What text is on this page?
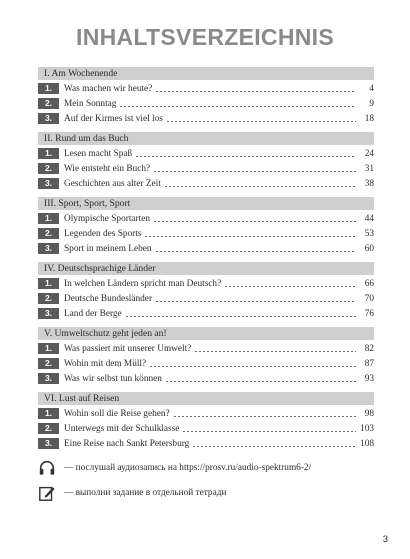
INHALTSVERZEICHNIS
I. Am Wochenende
1.	Was machen wir heute?	4
2.	Mein Sonntag	9
3.	Auf der Kirmes ist viel los	18
II. Rund um das Buch
1.	Lesen macht Spaß	24
2.	Wie entsteht ein Buch?	31
3.	Geschichten aus alter Zeit	38
III. Sport, Sport, Sport
1.	Olympische Sportarten	44
2.	Legenden des Sports	53
3.	Sport in meinem Leben	60
IV. Deutschsprachige Länder
1.	In welchen Ländern spricht man Deutsch?	66
2.	Deutsche Bundesländer	70
3.	Land der Berge	76
V. Umweltschutz geht jeden an!
1.	Was passiert mit unserer Umwelt?	82
2.	Wohin mit dem Müll?	87
3.	Was wir selbst tun können	93
VI. Lust auf Reisen
1.	Wohin soll die Reise gehen?	98
2.	Unterwegs mit der Schulklasse	103
3.	Eine Reise nach Sankt Petersburg	108
— послушай аудиозапись на https://prosv.ru/audio-spektrum6-2/
— выполни задание в отдельной тетради
3
